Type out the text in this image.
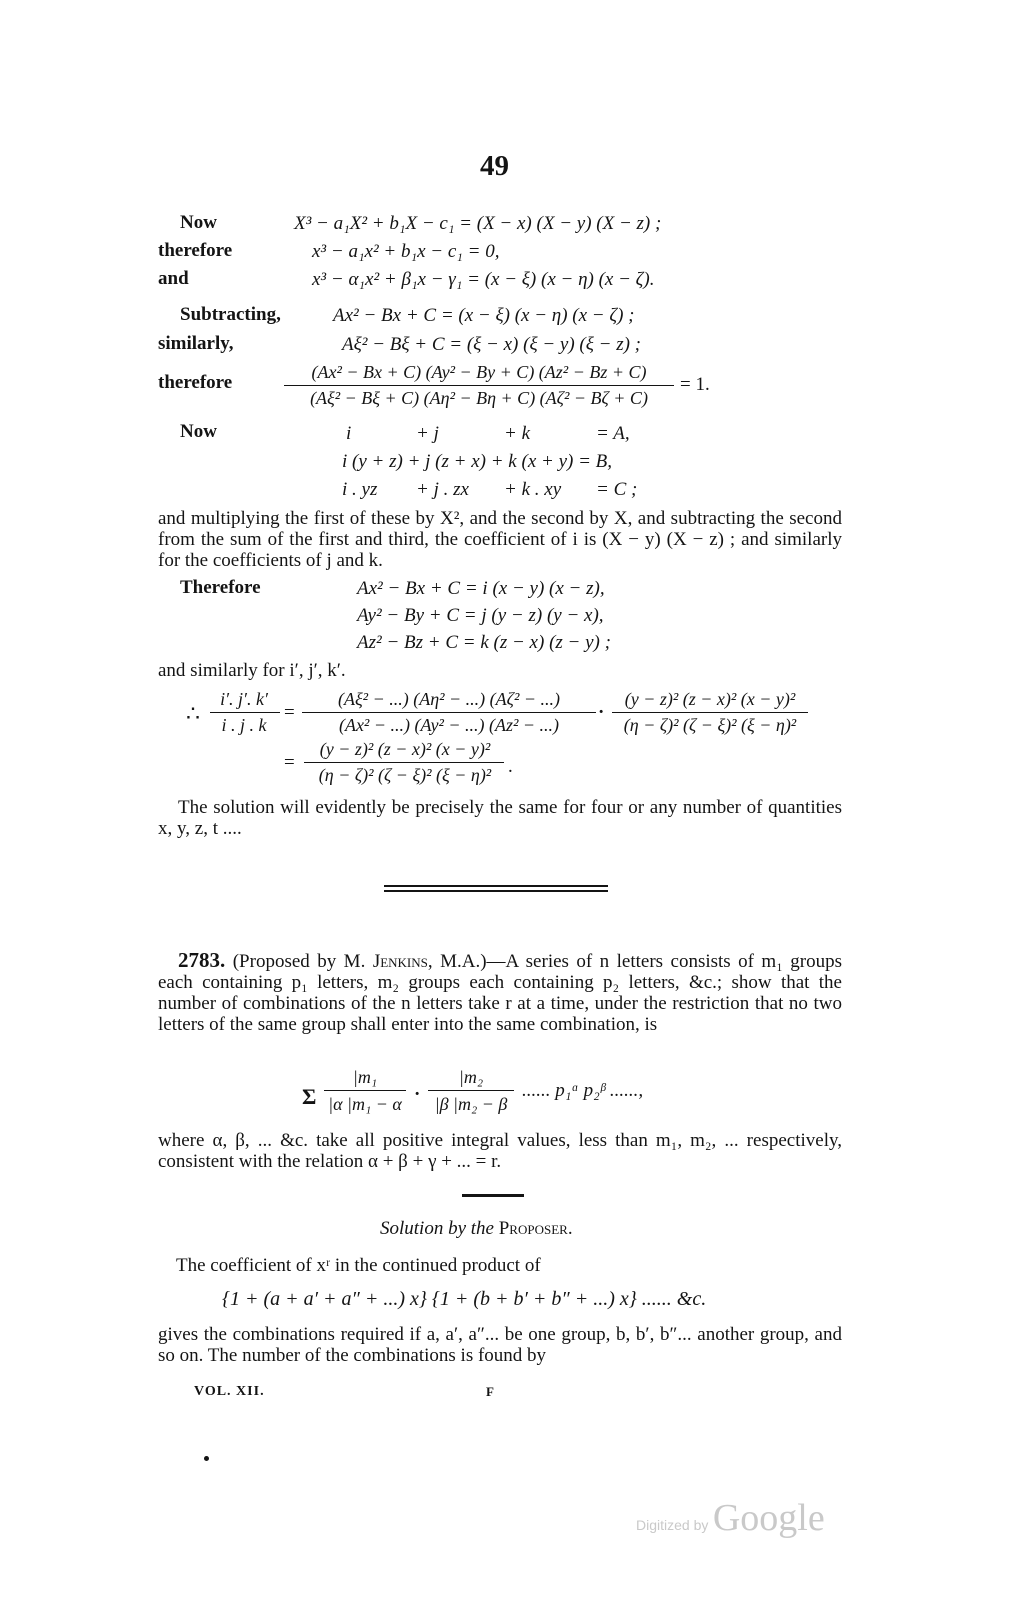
49
Now	X³ − a₁X² + b₁X − c₁ = (X − x) (X − y) (X − z) ;
therefore	x³ − a₁x² + b₁x − c₁ = 0,
and	x³ − α₁x² + β₁x − γ₁ = (x − ξ) (x − η) (x − ζ).
Subtracting,	Ax² − Bx + C = (x − ξ) (x − η) (x − ζ) ;
similarly,	Aξ² − Bξ + C = (ξ − x) (ξ − y) (ξ − z) ;
therefore	(Ax² − Bx + C) (Ay² − By + C) (Az² − Bz + C)
(Aξ² − Bξ + C) (Aη² − Bη + C) (Aζ² − Bζ + C)
= 1.
Now	i	+ j	+ k	= A,
i (y + z) + j (z + x) + k (x + y) = B,
i . yz + j . zx + k . xy = C ;
and multiplying the first of these by X², and the second by X, and subtracting the second from the sum of the first and third, the coefficient of i is (X − y) (X − z) ; and similarly for the coefficients of j and k.
Therefore	Ax² − Bx + C = i (x − y) (x − z),
Ay² − By + C = j (y − z) (y − x),
Az² − Bz + C = k (z − x) (z − y) ;
and similarly for i′, j′, k′.
∴
i′. j′. k′
i . j . k
=
(Aξ² − ...) (Aη² − ...) (Aζ² − ...)
(Ax² − ...) (Ay² − ...) (Az² − ...)
·
(y − z)² (z − x)² (x − y)²
(η − ζ)² (ζ − ξ)² (ξ − η)²
=
(y − z)² (z − x)² (x − y)²
(η − ζ)² (ζ − ξ)² (ξ − η)² .
The solution will evidently be precisely the same for four or any number of quantities x, y, z, t ....
2783. (Proposed by M. Jenkins, M.A.)—A series of n letters consists of m₁ groups each containing p₁ letters, m₂ groups each containing p₂ letters, &c.; show that the number of combinations of the n letters take r at a time, under the restriction that no two letters of the same group shall enter into the same combination, is
Σ
|m₁
|α |m₁ − α ·
|m₂
|β |m₂ − β
...... p₁ᵅ p₂ᵝ ......,
where α, β, ... &c. take all positive integral values, less than m₁, m₂, ... respectively, consistent with the relation α + β + γ + ... = r.
Solution by the Proposer.
The coefficient of xʳ in the continued product of
{1 + (a + a′ + a″ + ...) x} {1 + (b + b′ + b″ + ...) x} ...... &c.
gives the combinations required if a, a′, a″... be one group, b, b′, b″... another group, and so on. The number of the combinations is found by
VOL. XII.	F
Digitized by Google
